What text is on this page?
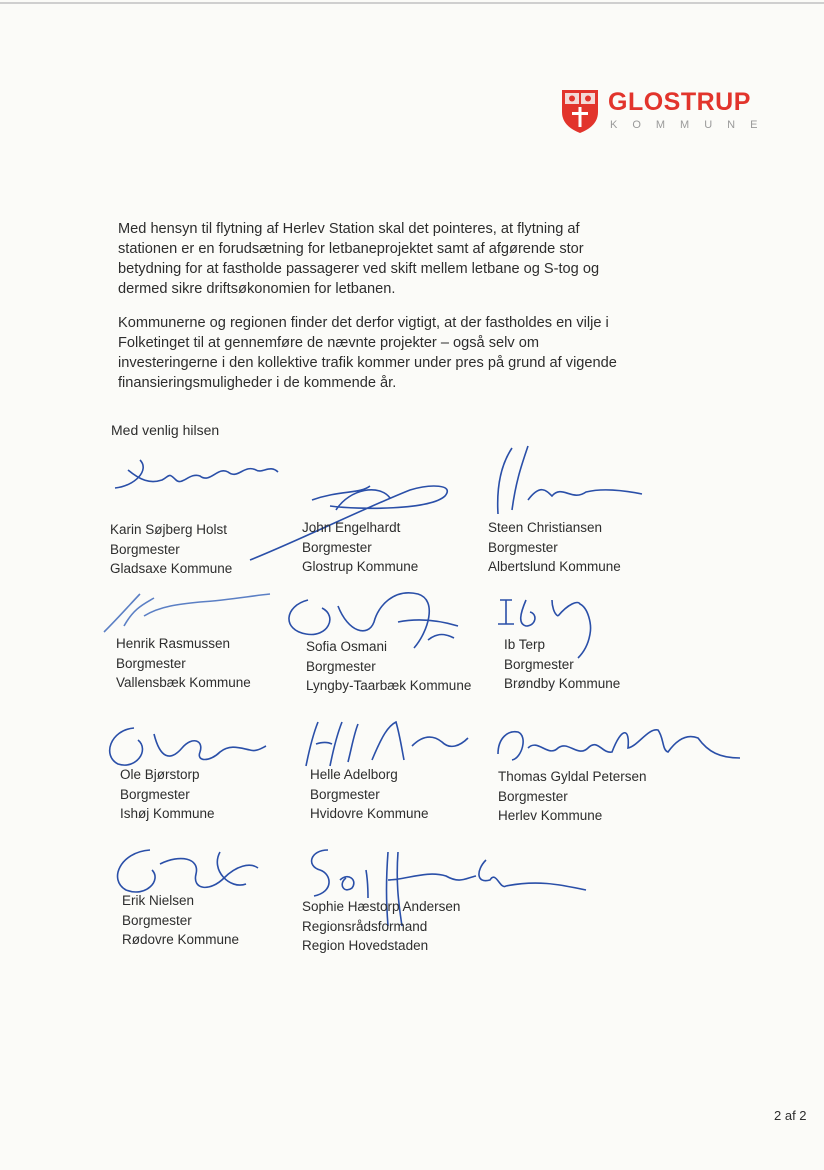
GLOSTRUP
KOMMUNE

Med hensyn til flytning af Herlev Station skal det pointeres, at flytning af
stationen er en forudsætning for letbaneprojektet samt af afgørende stor
betydning for at fastholde passagerer ved skift mellem letbane og S-tog og
dermed sikre driftsøkonomien for letbanen.

Kommunerne og regionen finder det derfor vigtigt, at der fastholdes en vilje i
Folketinget til at gennemføre de nævnte projekter – også selv om
investeringerne i den kollektive trafik kommer under pres på grund af vigende
finansieringsmuligheder i de kommende år.

Med venlig hilsen
Karin Søjberg Holst
Borgmester
Gladsaxe Kommune
John Engelhardt
Borgmester
Glostrup Kommune
Steen Christiansen
Borgmester
Albertslund Kommune
Henrik Rasmussen
Borgmester
Vallensbæk Kommune
Sofia Osmani
Borgmester
Lyngby-Taarbæk Kommune
Ib Terp
Borgmester
Brøndby Kommune
Ole Bjørstorp
Borgmester
Ishøj Kommune
Helle Adelborg
Borgmester
Hvidovre Kommune
Thomas Gyldal Petersen
Borgmester
Herlev Kommune
Erik Nielsen
Borgmester
Rødovre Kommune
Sophie Hæstorp Andersen
Regionsrådsformand
Region Hovedstaden
2 af 2
